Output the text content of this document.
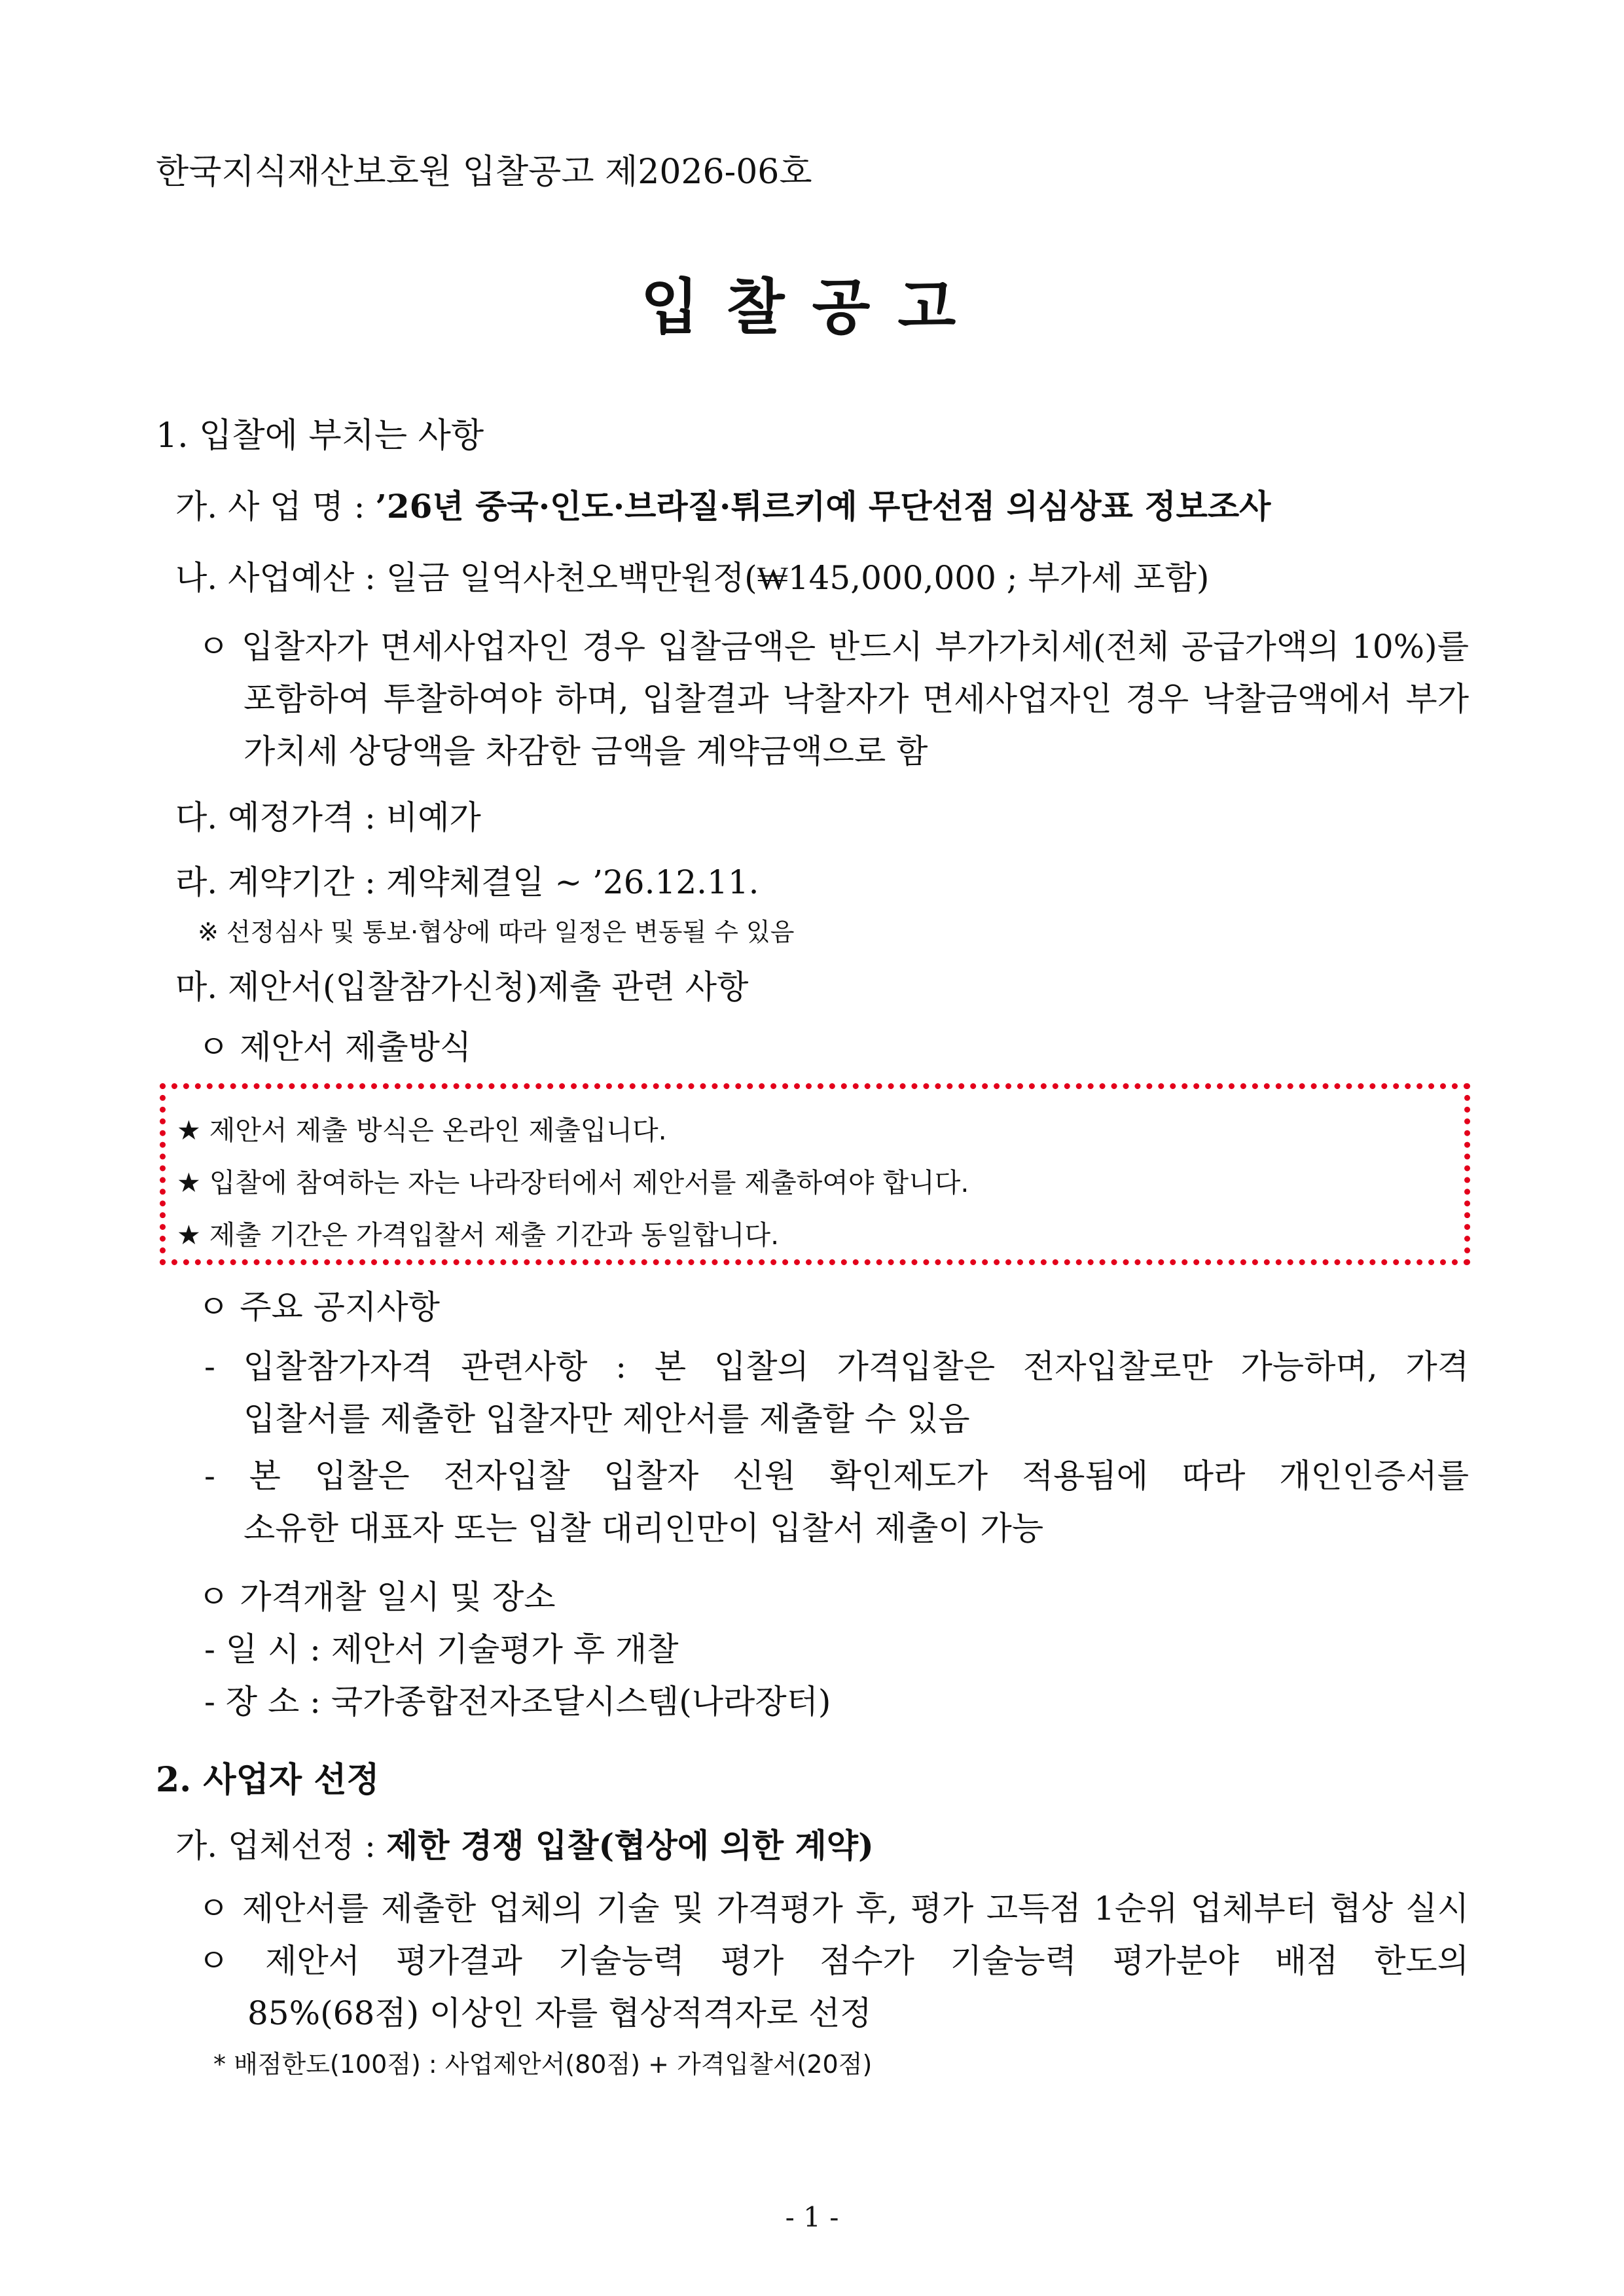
한국지식재산보호원 입찰공고 제2026-06호
입찰공고
1. 입찰에 부치는 사항
가. 사 업 명 : ’26년 중국·인도·브라질·튀르키예 무단선점 의심상표 정보조사
나. 사업예산 : 일금 일억사천오백만원정(₩145,000,000 ; 부가세 포함)
ㅇ 입찰자가 면세사업자인 경우 입찰금액은 반드시 부가가치세(전체 공급가액의 10%)를
포함하여 투찰하여야 하며, 입찰결과 낙찰자가 면세사업자인 경우 낙찰금액에서 부가
가치세 상당액을 차감한 금액을 계약금액으로 함
다. 예정가격 : 비예가
라. 계약기간 : 계약체결일 ~ ’26.12.11.
※ 선정심사 및 통보·협상에 따라 일정은 변동될 수 있음
마. 제안서(입찰참가신청)제출 관련 사항
ㅇ 제안서 제출방식
★ 제안서 제출 방식은 온라인 제출입니다.
★ 입찰에 참여하는 자는 나라장터에서 제안서를 제출하여야 합니다.
★ 제출 기간은 가격입찰서 제출 기간과 동일합니다.
ㅇ 주요 공지사항
- 입찰참가자격 관련사항 : 본 입찰의 가격입찰은 전자입찰로만 가능하며, 가격
입찰서를 제출한 입찰자만 제안서를 제출할 수 있음
- 본 입찰은 전자입찰 입찰자 신원 확인제도가 적용됨에 따라 개인인증서를
소유한 대표자 또는 입찰 대리인만이 입찰서 제출이 가능
ㅇ 가격개찰 일시 및 장소
- 일 시 : 제안서 기술평가 후 개찰
- 장 소 : 국가종합전자조달시스템(나라장터)
2. 사업자 선정
가. 업체선정 : 제한 경쟁 입찰(협상에 의한 계약)
ㅇ 제안서를 제출한 업체의 기술 및 가격평가 후, 평가 고득점 1순위 업체부터 협상 실시
ㅇ 제안서 평가결과 기술능력 평가 점수가 기술능력 평가분야 배점 한도의
85%(68점) 이상인 자를 협상적격자로 선정
* 배점한도(100점) : 사업제안서(80점) + 가격입찰서(20점)
- 1 -
